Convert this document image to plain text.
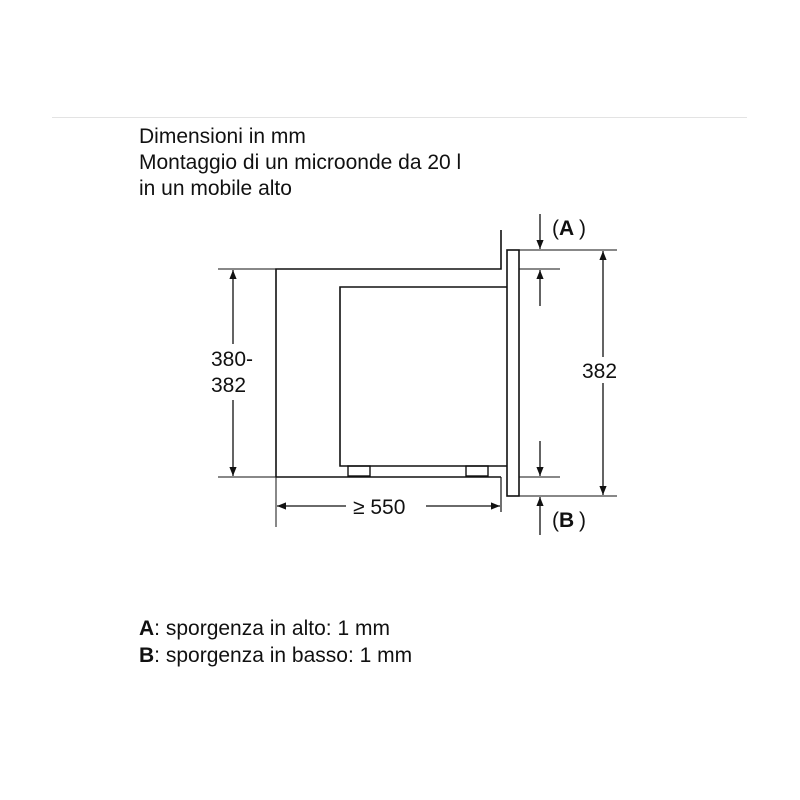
Dimensioni in mm
Montaggio di un microonde da 20 l
in un mobile alto
380-
382
≥ 550
382
( A )
( B )
A: sporgenza in alto: 1 mm
B: sporgenza in basso: 1 mm
